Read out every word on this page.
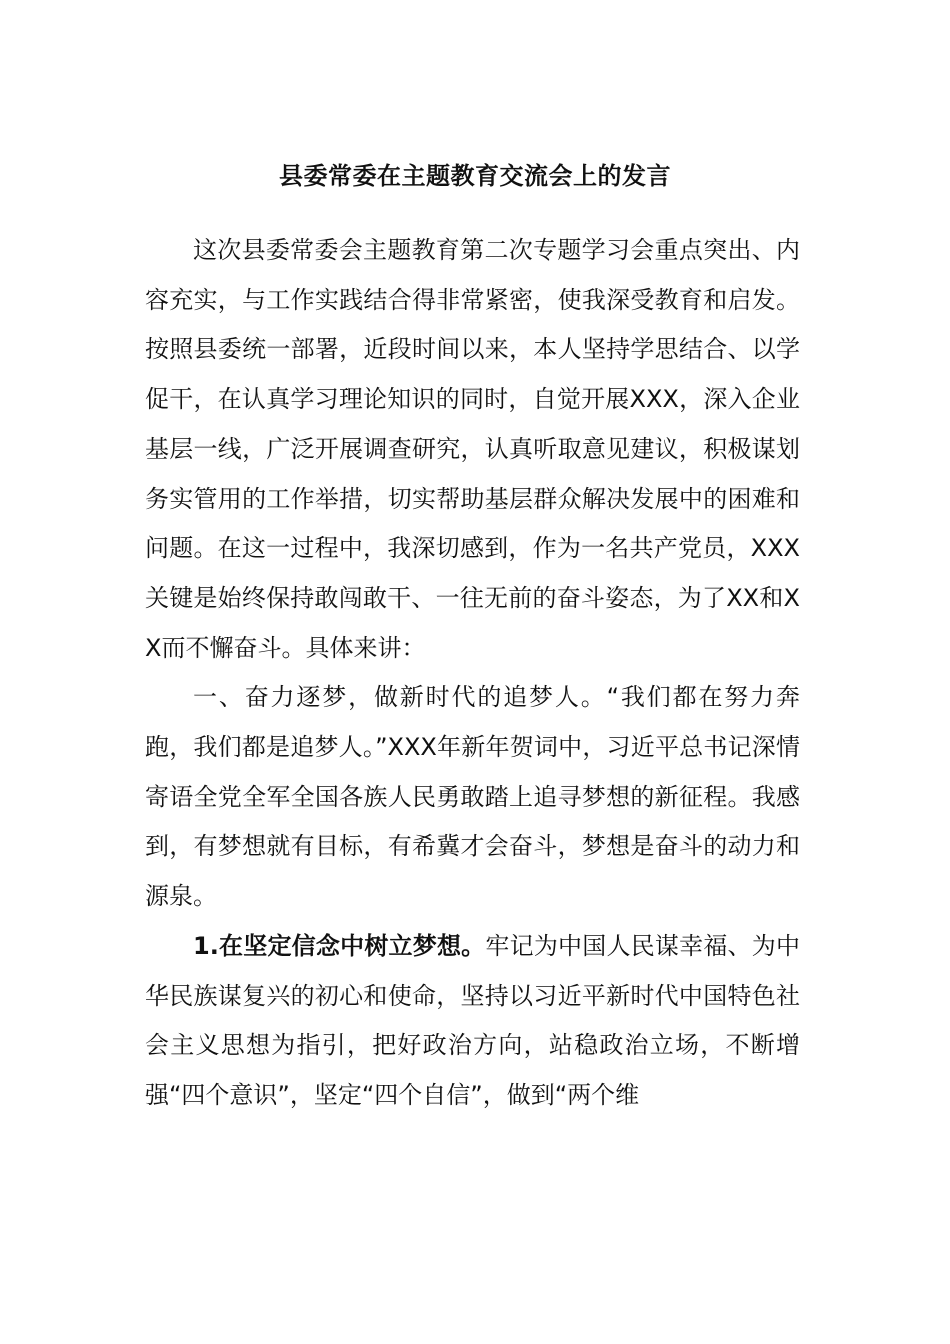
县委常委在主题教育交流会上的发言

这次县委常委会主题教育第二次专题学习会重点突出、内容充实，与工作实践结合得非常紧密，使我深受教育和启发。按照县委统一部署，近段时间以来，本人坚持学思结合、以学促干，在认真学习理论知识的同时，自觉开展XXX，深入企业基层一线，广泛开展调查研究，认真听取意见建议，积极谋划务实管用的工作举措，切实帮助基层群众解决发展中的困难和问题。在这一过程中，我深切感到，作为一名共产党员，XXX关键是始终保持敢闯敢干、一往无前的奋斗姿态，为了XX和XX而不懈奋斗。具体来讲：

一、奋力逐梦，做新时代的追梦人。“我们都在努力奔跑，我们都是追梦人。”XXX年新年贺词中，习近平总书记深情寄语全党全军全国各族人民勇敢踏上追寻梦想的新征程。我感到，有梦想就有目标，有希冀才会奋斗，梦想是奋斗的动力和源泉。

1.在坚定信念中树立梦想。牢记为中国人民谋幸福、为中华民族谋复兴的初心和使命，坚持以习近平新时代中国特色社会主义思想为指引，把好政治方向，站稳政治立场，不断增强“四个意识”，坚定“四个自信”，做到“两个维
